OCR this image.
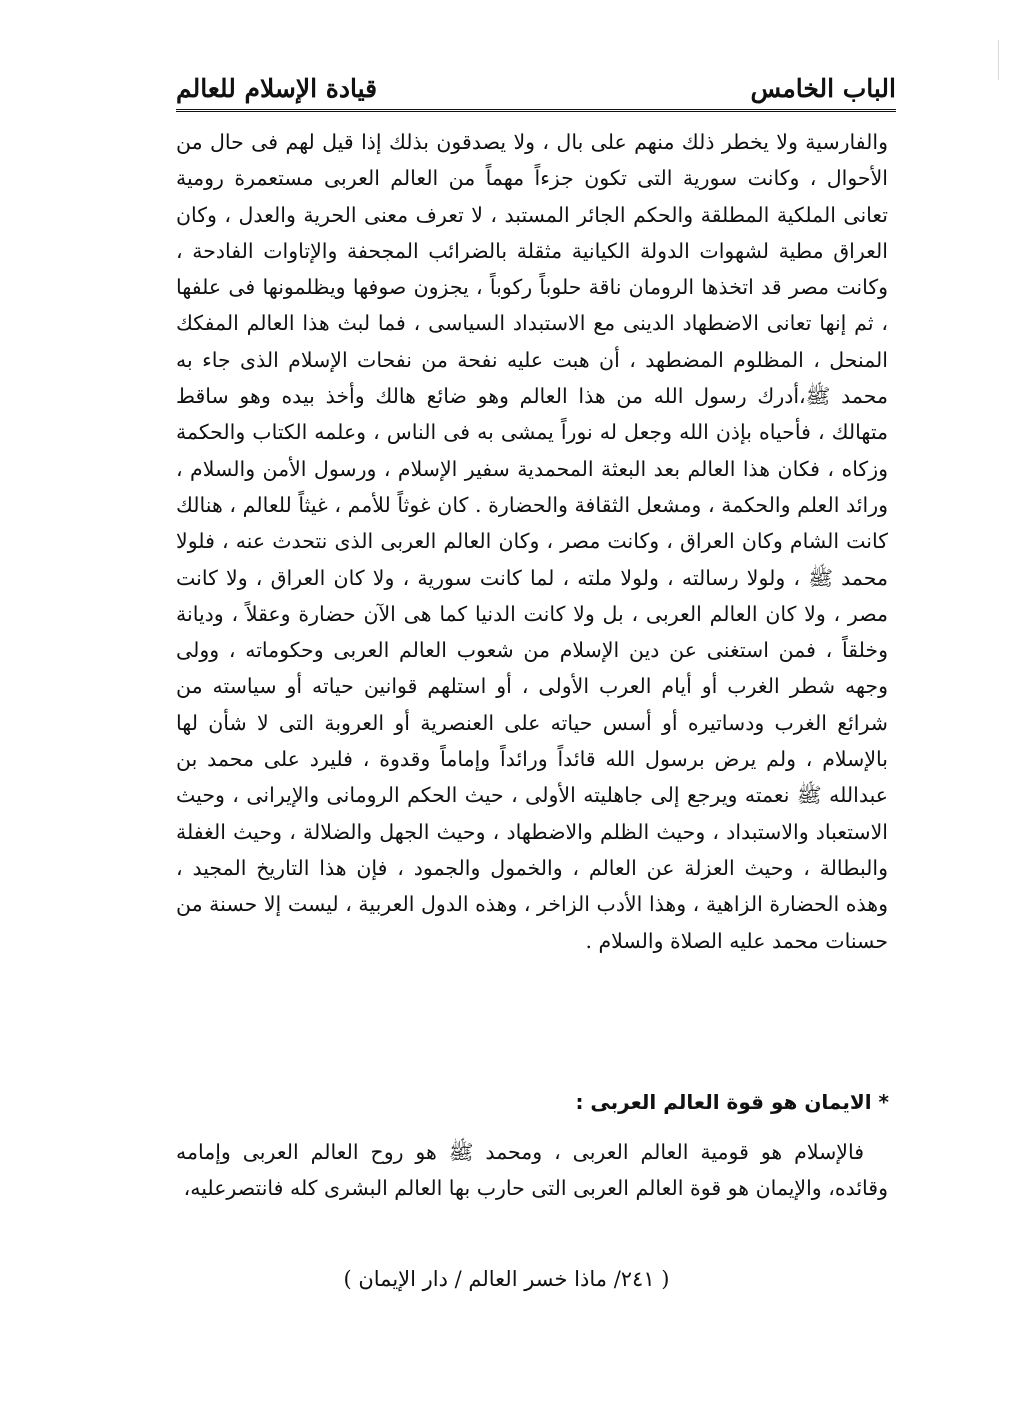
الباب الخامس
قيادة الإسلام للعالم

والفارسية ولا يخطر ذلك منهم على بال ، ولا يصدقون بذلك إذا قيل لهم فى حال من الأحوال ، وكانت سورية التى تكون جزءاً مهماً من العالم العربى مستعمرة رومية تعانى الملكية المطلقة والحكم الجائر المستبد ، لا تعرف معنى الحرية والعدل ، وكان العراق مطية لشهوات الدولة الكيانية مثقلة بالضرائب المجحفة والإتاوات الفادحة ، وكانت مصر قد اتخذها الرومان ناقة حلوباً ركوباً ، يجزون صوفها ويظلمونها فى علفها ، ثم إنها تعانى الاضطهاد الدينى مع الاستبداد السياسى ، فما لبث هذا العالم المفكك المنحل ، المظلوم المضطهد ، أن هبت عليه نفحة من نفحات الإسلام الذى جاء به محمد ﷺ،أدرك رسول الله من هذا العالم وهو ضائع هالك وأخذ بيده وهو ساقط متهالك ، فأحياه بإذن الله وجعل له نوراً يمشى به فى الناس ، وعلمه الكتاب والحكمة وزكاه ، فكان هذا العالم بعد البعثة المحمدية سفير الإسلام ، ورسول الأمن والسلام ، ورائد العلم والحكمة ، ومشعل الثقافة والحضارة . كان غوثاً للأمم ، غيثاً للعالم ، هنالك كانت الشام وكان العراق ، وكانت مصر ، وكان العالم العربى الذى نتحدث عنه ، فلولا محمد ﷺ ، ولولا رسالته ، ولولا ملته ، لما كانت سورية ، ولا كان العراق ، ولا كانت مصر ، ولا كان العالم العربى ، بل ولا كانت الدنيا كما هى الآن حضارة وعقلاً ، وديانة وخلقاً ، فمن استغنى عن دين الإسلام من شعوب العالم العربى وحكوماته ، وولى وجهه شطر الغرب أو أيام العرب الأولى ، أو استلهم قوانين حياته أو سياسته من شرائع الغرب ودساتيره أو أسس حياته على العنصرية أو العروبة التى لا شأن لها بالإسلام ، ولم يرض برسول الله قائداً ورائداً وإماماً وقدوة ، فليرد على محمد بن عبدالله ﷺ نعمته ويرجع إلى جاهليته الأولى ، حيث الحكم الرومانى والإيرانى ، وحيث الاستعباد والاستبداد ، وحيث الظلم والاضطهاد ، وحيث الجهل والضلالة ، وحيث الغفلة والبطالة ، وحيث العزلة عن العالم ، والخمول والجمود ، فإن هذا التاريخ المجيد ، وهذه الحضارة الزاهية ، وهذا الأدب الزاخر ، وهذه الدول العربية ، ليست إلا حسنة من حسنات محمد عليه الصلاة والسلام .

* الايمان هو قوة العالم العربى :

فالإسلام هو قومية العالم العربى ، ومحمد ﷺ هو روح العالم العربى وإمامه وقائده، والإيمان هو قوة العالم العربى التى حارب بها العالم البشرى كله فانتصرعليه،

( ٢٤١/ ماذا خسر العالم / دار الإيمان )
